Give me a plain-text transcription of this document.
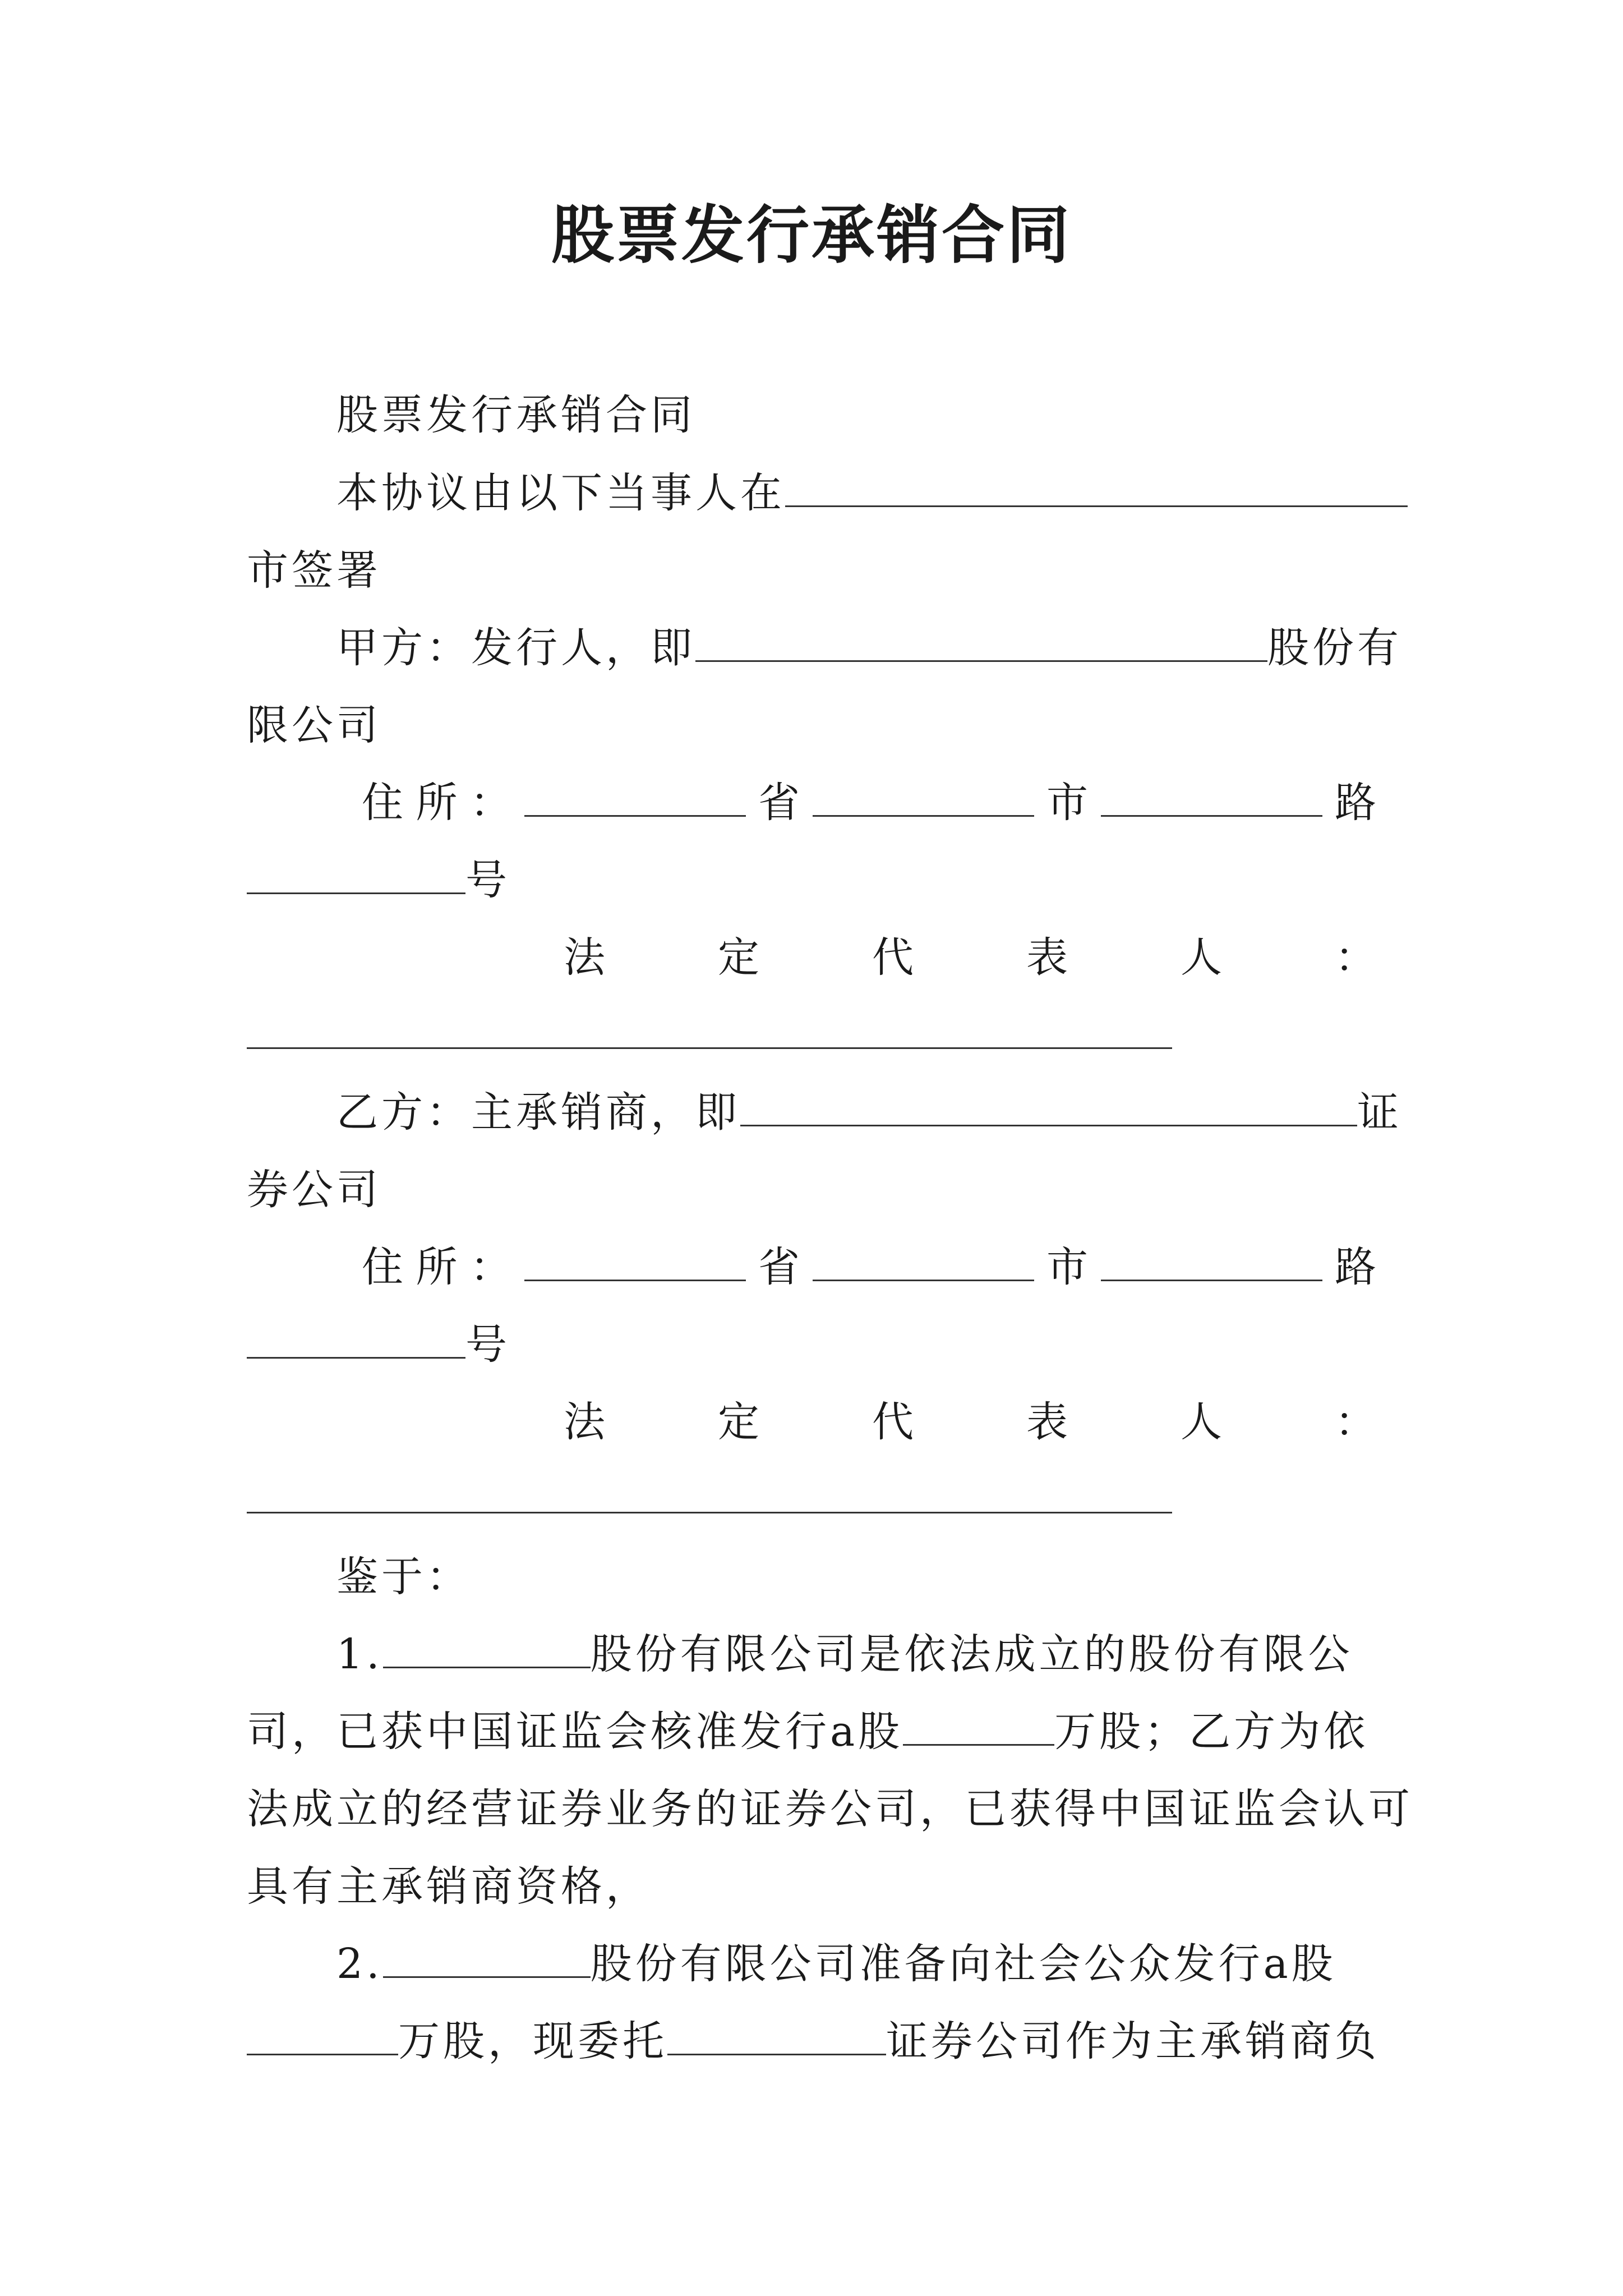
股票发行承销合同
股票发行承销合同
本协议由以下当事人在
市签署
甲方：发行人，即	股份有
限公司
住 所 ：	省	市	路
号
法	定	代	表	人	：
乙方：主承销商，即	证
券公司
住 所 ：	省	市	路
号
法	定	代	表	人	：
鉴于：
1.	股份有限公司是依法成立的股份有限公
司，已获中国证监会核准发行a股	万股；乙方为依
法成立的经营证券业务的证券公司，已获得中国证监会认可
具有主承销商资格，
2.	股份有限公司准备向社会公众发行a股
万股，现委托	证券公司作为主承销商负
